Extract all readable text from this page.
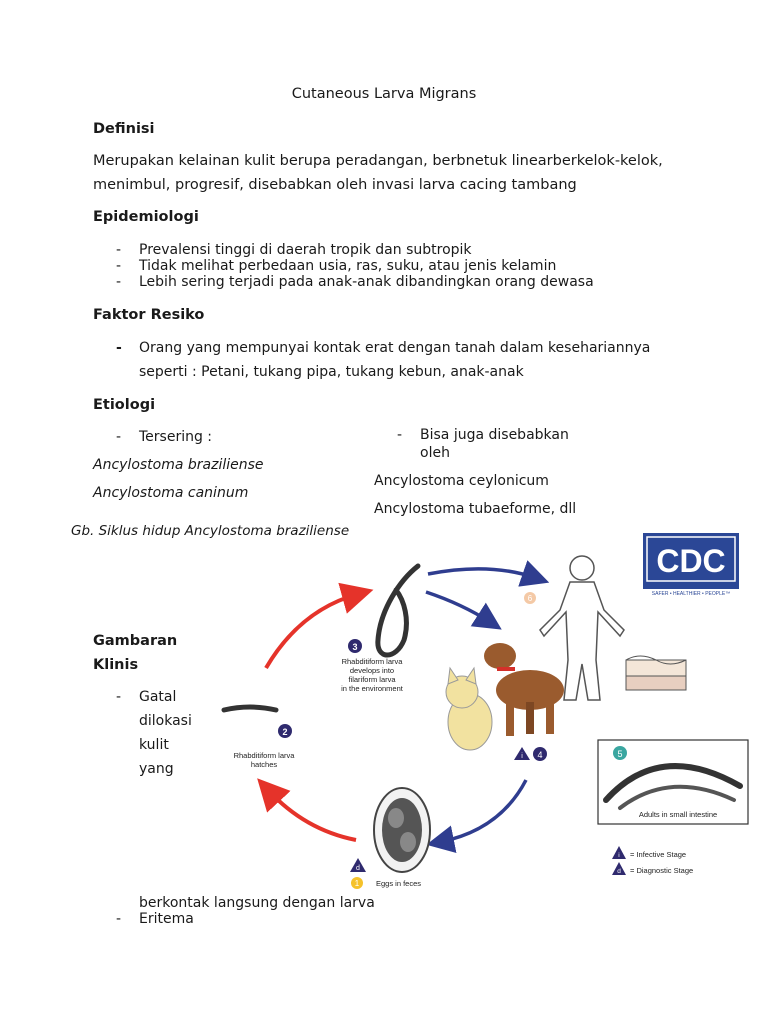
Cutaneous Larva Migrans
Definisi
Merupakan kelainan kulit berupa peradangan, berbnetuk linearberkelok-kelok,
menimbul, progresif, disebabkan oleh invasi larva cacing tambang
Epidemiologi
- Prevalensi tinggi di daerah tropik dan subtropik
- Tidak melihat perbedaan usia, ras, suku, atau jenis kelamin
- Lebih sering terjadi pada anak-anak dibandingkan orang dewasa
Faktor Resiko
- Orang yang mempunyai kontak erat dengan tanah dalam kesehariannya
seperti : Petani, tukang pipa, tukang kebun, anak-anak
Etiologi
- Tersering :
Ancylostoma braziliense
Ancylostoma caninum
- Bisa juga disebabkan
oleh
Ancylostoma ceylonicum
Ancylostoma tubaeforme, dll
Gb. Siklus hidup Ancylostoma braziliense
Gambaran
Klinis
- Gatal
dilokasi
kulit
yang
berkontak langsung dengan larva
- Eritema
3
Rhabditiform larva
develops into
filariform larva
in the environment
2
Rhabditiform larva
hatches
d
1 Eggs in feces
6
i 4	5
Adults in small intestine
i = Infective Stage
d = Diagnostic Stage
CDC
SAFER • HEALTHIER • PEOPLE™
